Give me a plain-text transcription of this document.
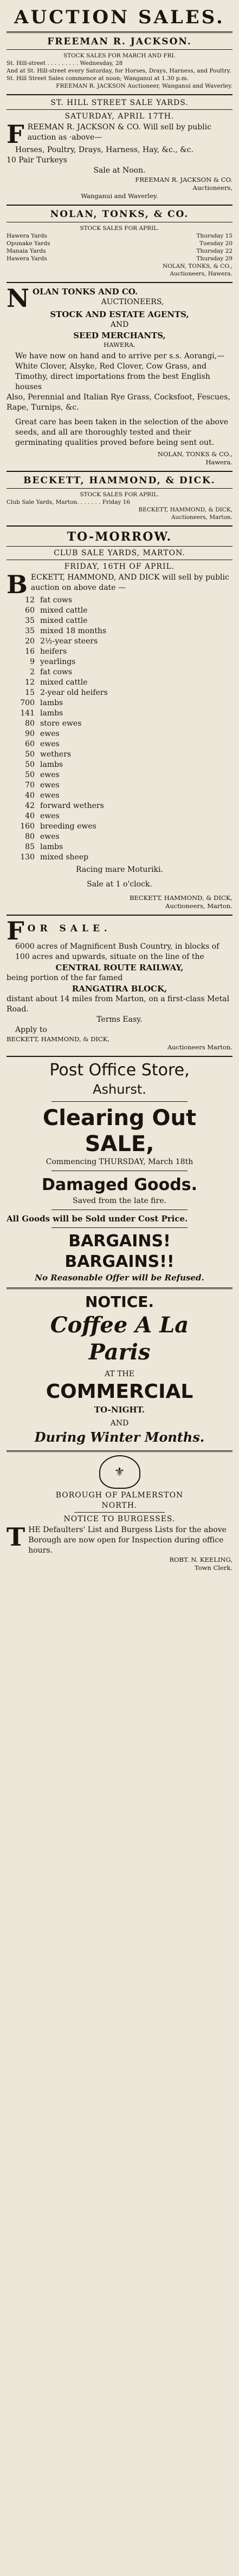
AUCTION SALES.
FREEMAN R. JACKSON.
STOCK SALES FOR MARCH AND FRI.
St. Hill-street . . . . . . . . . Wednesday, 28
And at St. Hill-street every Saturday, for Horses, Drays, Harness, and Poultry.
St. Hill Street Sales commence at noon; Wanganui at 1.30 p.m.
FREEMAN R. JACKSON Auctioneer, Wanganui and Waverley.
ST. HILL STREET SALE YARDS.
SATURDAY, APRIL 17TH.
FREEMAN R. JACKSON & CO. Will sell by public auction as ·above—
Horses, Poultry, Drays, Harness, Hay, &c., &c.
10 Pair Turkeys
Sale at Noon.
FREEMAN R. JACKSON & CO.
Auctioneers,
Wanganui and Waverley.
NOLAN, TONKS, & CO.
STOCK SALES FOR APRIL.
Hawera Yards	Thursday 15
Opunake Yards	Tuesday 20
Manaia Yards	Thursday 22
Hawera Yards	Thursday 29
NOLAN, TONKS, & CO.,
Auctioneers, Hawera.
N OLAN TONKS AND CO.
AUCTIONEERS,
STOCK AND ESTATE AGENTS,
AND
SEED MERCHANTS,
HAWERA.
We have now on hand and to arrive per s.s. Aorangi,—
White Clover, Alsyke, Red Clover, Cow Grass, and Timothy, direct importations from the best English houses
Also, Perennial and Italian Rye Grass, Cocksfoot, Fescues, Rape, Turnips, &c.
Great care has been taken in the selection of the above seeds, and all are thoroughly tested and their germinating qualities proved before being sent out.
NOLAN, TONKS & CO.,
Hawera.
BECKETT, HAMMOND, & DICK.
STOCK SALES FOR APRIL.
Club Sale Yards, Marton. . . . . . . Friday 16
BECKETT, HAMMOND, & DICK,
Auctioneers, Marton.
TO-MORROW.
CLUB SALE YARDS, MARTON.
FRIDAY, 16TH OF APRIL.
BECKETT, HAMMOND, AND DICK will sell by public auction on above date —
12 fat cows
60 mixed cattle
35 mixed cattle
35 mixed 18 months
20 2½-year steers
16 heifers
9 yearlings
2 fat cows
12 mixed cattle
15 2-year old heifers
700 lambs
141 lambs
80 store ewes
90 ewes
60 ewes
50 wethers
50 lambs
50 ewes
70 ewes
40 ewes
42 forward wethers
40 ewes
160 breeding ewes
80 ewes
85 lambs
130 mixed sheep
Racing mare Moturiki.
Sale at 1 o'clock.
BECKETT, HAMMOND, & DICK,
Auctioneers, Marton.
F OR SALE.
6000 acres of Magnificent Bush Country, in blocks of 100 acres and upwards, situate on the line of the
CENTRAL ROUTE RAILWAY,
being portion of the far famed
RANGATIRA BLOCK,
distant about 14 miles from Marton, on a first-class Metal Road.
Terms Easy.
Apply to
BECKETT, HAMMOND, & DICK,
Auctioneers Marton.
Post Office Store,
Ashurst.
Clearing Out
SALE,
Commencing THURSDAY, March 18th
Damaged Goods.
Saved from the late fire.
All Goods will be Sold under Cost Price.
BARGAINS!
BARGAINS!!
No Reasonable Offer will be Refused.
NOTICE.
Coffee A La
Paris
AT THE
COMMERCIAL
TO-NIGHT.
AND
During Winter Months.
⚜
BOROUGH OF PALMERSTON
NORTH.
NOTICE TO BURGESSES.
THE Defaulters' List and Burgess Lists for the above Borough are now open for Inspection during office hours.
ROBT. N. KEELING,
Town Clerk.
